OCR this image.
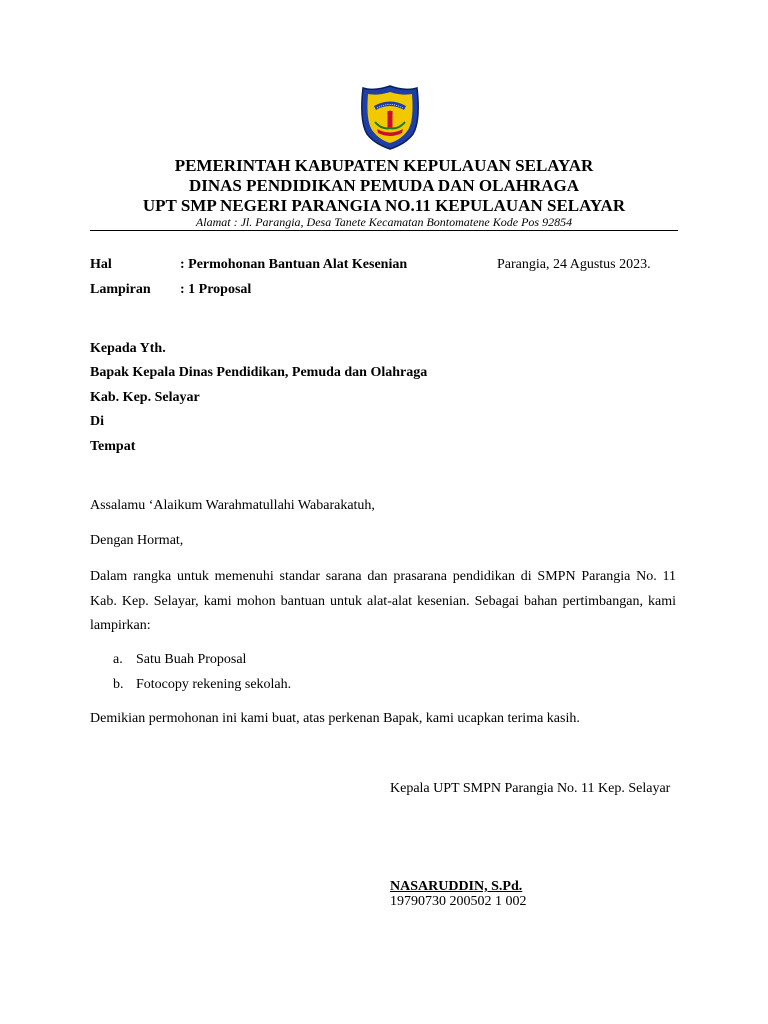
PEMERINTAH KABUPATEN KEPULAUAN SELAYAR
DINAS PENDIDIKAN PEMUDA DAN OLAHRAGA
UPT SMP NEGERI PARANGIA NO.11 KEPULAUAN SELAYAR
Alamat : Jl. Parangia, Desa Tanete Kecamatan Bontomatene Kode Pos 92854
Hal	: Permohonan Bantuan Alat Kesenian	Parangia, 24 Agustus 2023.
Lampiran : 1 Proposal
Kepada Yth.
Bapak Kepala Dinas Pendidikan, Pemuda dan Olahraga
Kab. Kep. Selayar
Di
Tempat
Assalamu ‘Alaikum Warahmatullahi Wabarakatuh,
Dengan Hormat,
Dalam rangka untuk memenuhi standar sarana dan prasarana pendidikan di SMPN Parangia No. 11 Kab. Kep. Selayar, kami mohon bantuan untuk alat-alat kesenian. Sebagai bahan pertimbangan, kami lampirkan:
a. Satu Buah Proposal
b. Fotocopy rekening sekolah.
Demikian permohonan ini kami buat, atas perkenan Bapak, kami ucapkan terima kasih.
Kepala UPT SMPN Parangia No. 11 Kep. Selayar
NASARUDDIN, S.Pd.
19790730 200502 1 002
